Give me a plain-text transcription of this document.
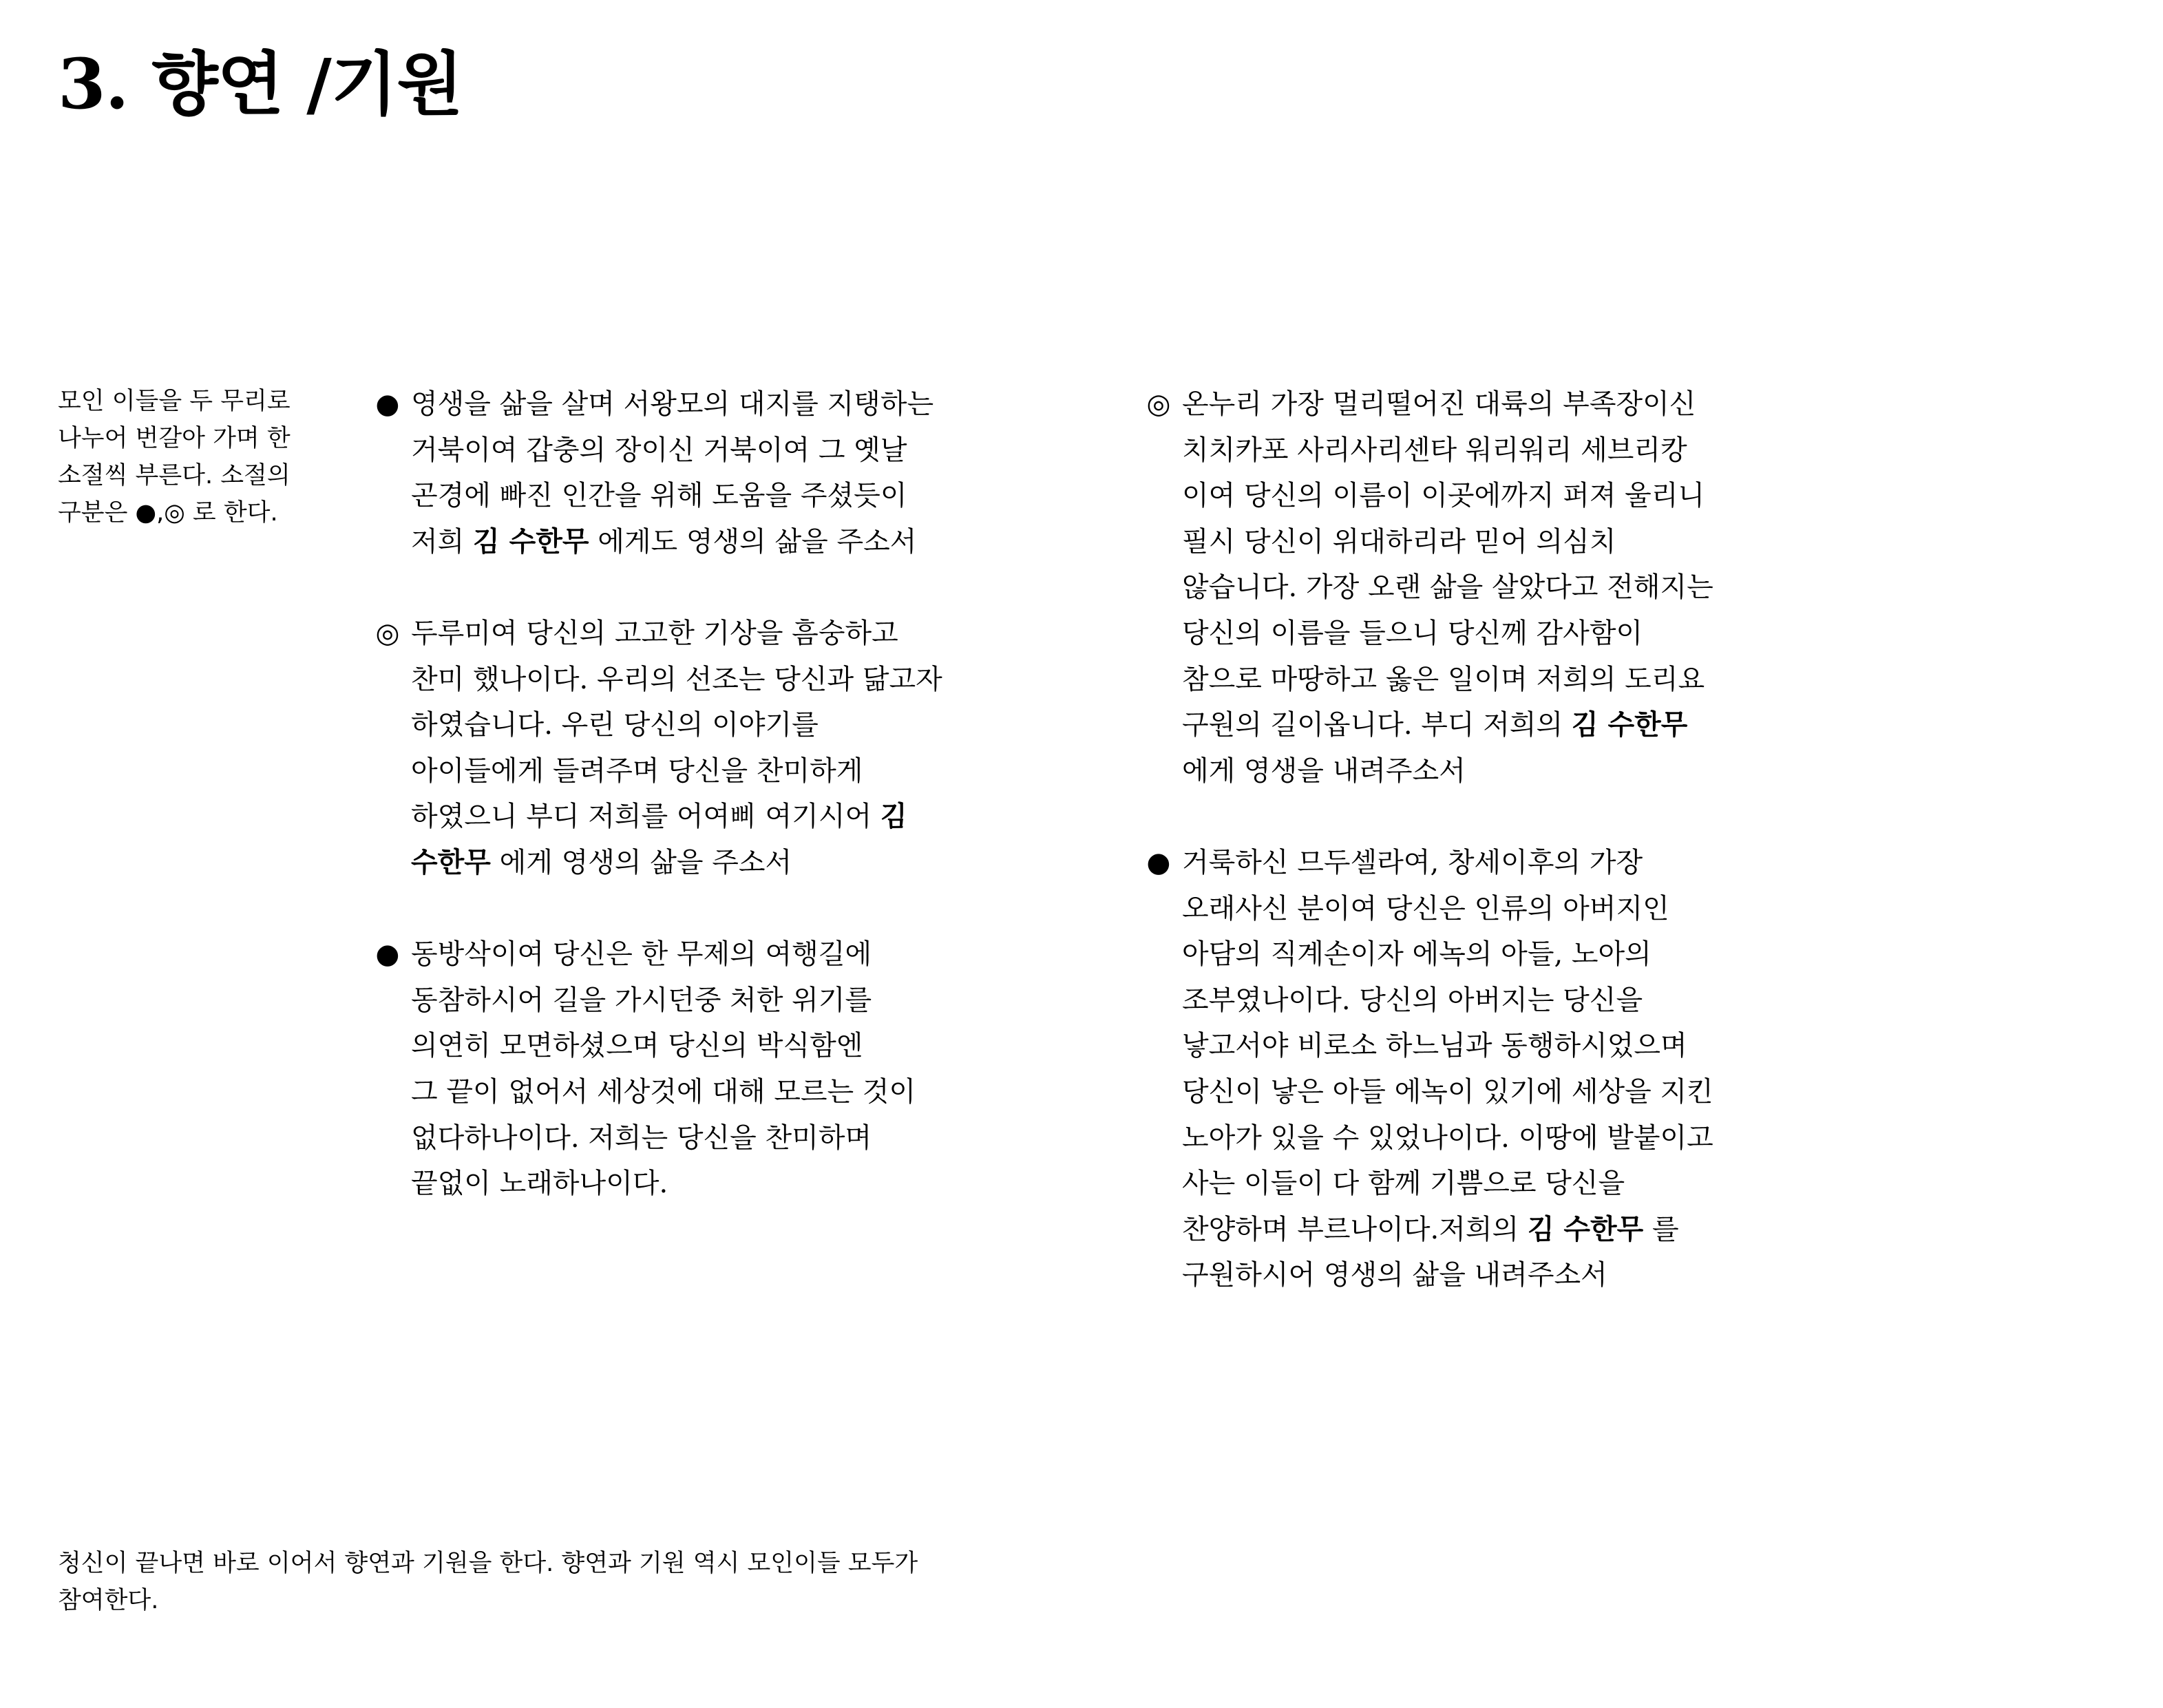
3. 향연 /기원
모인 이들을 두 무리로
나누어 번갈아 가며 한
소절씩 부른다. 소절의
구분은 ●,◎ 로 한다.
● 영생을 삶을 살며 서왕모의 대지를 지탱하는
거북이여 갑충의 장이신 거북이여 그 옛날
곤경에 빠진 인간을 위해 도움을 주셨듯이
저희 김 수한무 에게도 영생의 삶을 주소서
◎ 두루미여 당신의 고고한 기상을 흠숭하고
찬미 했나이다. 우리의 선조는 당신과 닮고자
하였습니다. 우린 당신의 이야기를
아이들에게 들려주며 당신을 찬미하게
하였으니 부디 저희를 어여삐 여기시어 김
수한무 에게 영생의 삶을 주소서
● 동방삭이여 당신은 한 무제의 여행길에
동참하시어 길을 가시던중 처한 위기를
의연히 모면하셨으며 당신의 박식함엔
그 끝이 없어서 세상것에 대해 모르는 것이
없다하나이다. 저희는 당신을 찬미하며
끝없이 노래하나이다.
◎ 온누리 가장 멀리떨어진 대륙의 부족장이신
치치카포 사리사리센타 워리워리 세브리캉
이여 당신의 이름이 이곳에까지 퍼져 울리니
필시 당신이 위대하리라 믿어 의심치
않습니다. 가장 오랜 삶을 살았다고 전해지는
당신의 이름을 들으니 당신께 감사함이
참으로 마땅하고 옳은 일이며 저희의 도리요
구원의 길이옵니다. 부디 저희의 김 수한무
에게 영생을 내려주소서
● 거룩하신 므두셀라여, 창세이후의 가장
오래사신 분이여 당신은 인류의 아버지인
아담의 직계손이자 에녹의 아들, 노아의
조부였나이다. 당신의 아버지는 당신을
낳고서야 비로소 하느님과 동행하시었으며
당신이 낳은 아들 에녹이 있기에 세상을 지킨
노아가 있을 수 있었나이다. 이땅에 발붙이고
사는 이들이 다 함께 기쁨으로 당신을
찬양하며 부르나이다.저희의 김 수한무 를
구원하시어 영생의 삶을 내려주소서
청신이 끝나면 바로 이어서 향연과 기원을 한다. 향연과 기원 역시 모인이들 모두가
참여한다.
